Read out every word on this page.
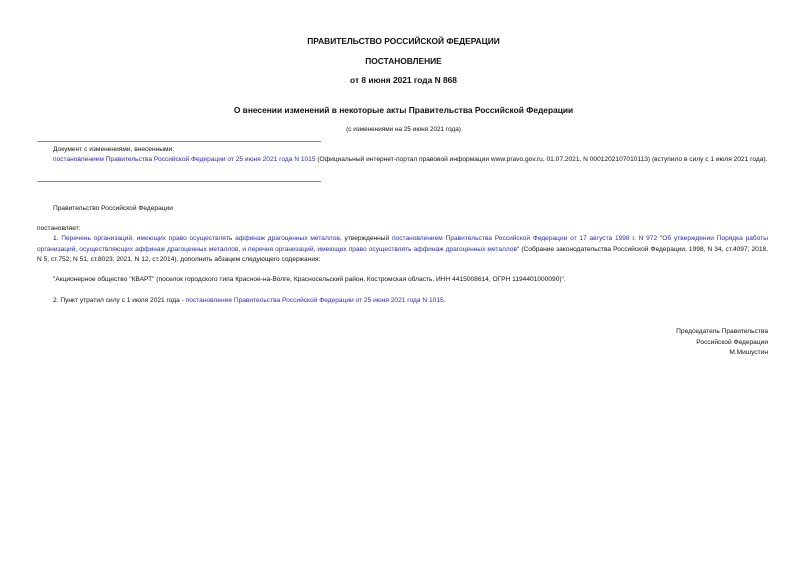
ПРАВИТЕЛЬСТВО РОССИЙСКОЙ ФЕДЕРАЦИИ
ПОСТАНОВЛЕНИЕ
от 8 июня 2021 года N 868
О внесении изменений в некоторые акты Правительства Российской Федерации
(с изменениями на 25 июня 2021 года)
Документ с изменениями, внесенными:
постановлением Правительства Российской Федерации от 25 июня 2021 года N 1015 (Официальный интернет-портал правовой информации www.pravo.gov.ru, 01.07.2021, N 0001202107010113) (вступило в силу с 1 июля 2021 года).
Правительство Российской Федерации
постановляет:
1. Перечень организаций, имеющих право осуществлять аффинаж драгоценных металлов, утвержденный постановлением Правительства Российской Федерации от 17 августа 1998 г. N 972 "Об утверждении Порядка работы организаций, осуществляющих аффинаж драгоценных металлов, и перечня организаций, имеющих право осуществлять аффинаж драгоценных металлов" (Собрание законодательства Российской Федерации, 1998, N 34, ст.4097; 2018, N 5, ст.752; N 51, ст.8023; 2021, N 12, ст.2014), дополнить абзацем следующего содержания:
"Акционерное общество "КВАРТ" (поселок городского типа Красное-на-Волге, Красносельский район, Костромская область, ИНН 4415008614, ОГРН 1194401000090)".
2. Пункт утратил силу с 1 июля 2021 года - постановление Правительства Российской Федерации от 25 июня 2021 года N 1015.
Председатель Правительства
Российской Федерации
М.Мишустин
